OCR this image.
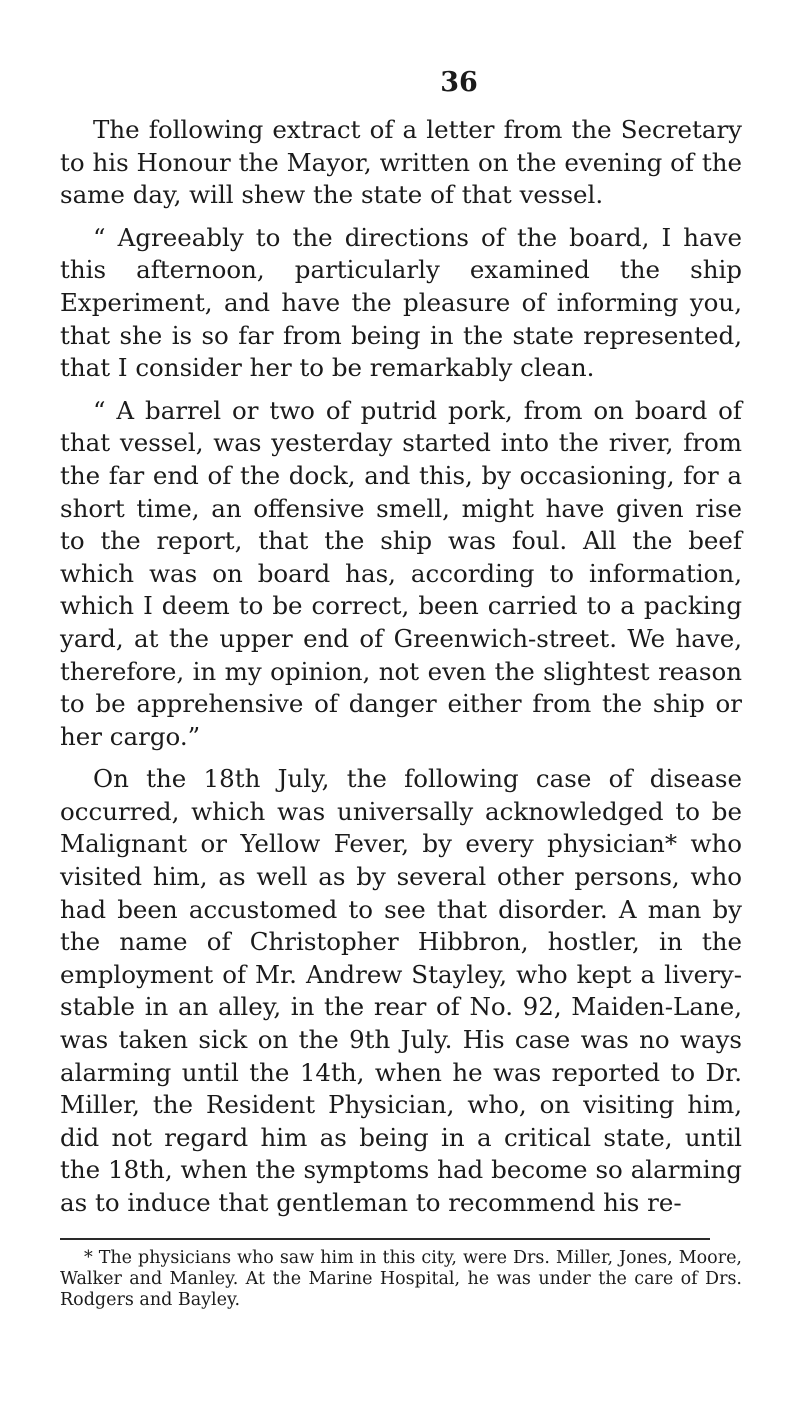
36

The following extract of a letter from the Secretary to his Honour the Mayor, written on the evening of the same day, will shew the state of that vessel.

“ Agreeably to the directions of the board, I have this afternoon, particularly examined the ship Experiment, and have the pleasure of informing you, that she is so far from being in the state represented, that I consider her to be remarkably clean.

“ A barrel or two of putrid pork, from on board of that vessel, was yesterday started into the river, from the far end of the dock, and this, by occasioning, for a short time, an offensive smell, might have given rise to the report, that the ship was foul. All the beef which was on board has, according to information, which I deem to be correct, been carried to a packing yard, at the upper end of Greenwich-street. We have, therefore, in my opinion, not even the slightest reason to be apprehensive of danger either from the ship or her cargo.”

On the 18th July, the following case of disease occurred, which was universally acknowledged to be Malignant or Yellow Fever, by every physician* who visited him, as well as by several other persons, who had been accustomed to see that disorder. A man by the name of Christopher Hibbron, hostler, in the employment of Mr. Andrew Stayley, who kept a livery-stable in an alley, in the rear of No. 92, Maiden-Lane, was taken sick on the 9th July. His case was no ways alarming until the 14th, when he was reported to Dr. Miller, the Resident Physician, who, on visiting him, did not regard him as being in a critical state, until the 18th, when the symptoms had become so alarming as to induce that gentleman to recommend his re-

* The physicians who saw him in this city, were Drs. Miller, Jones, Moore, Walker and Manley. At the Marine Hospital, he was under the care of Drs. Rodgers and Bayley.
